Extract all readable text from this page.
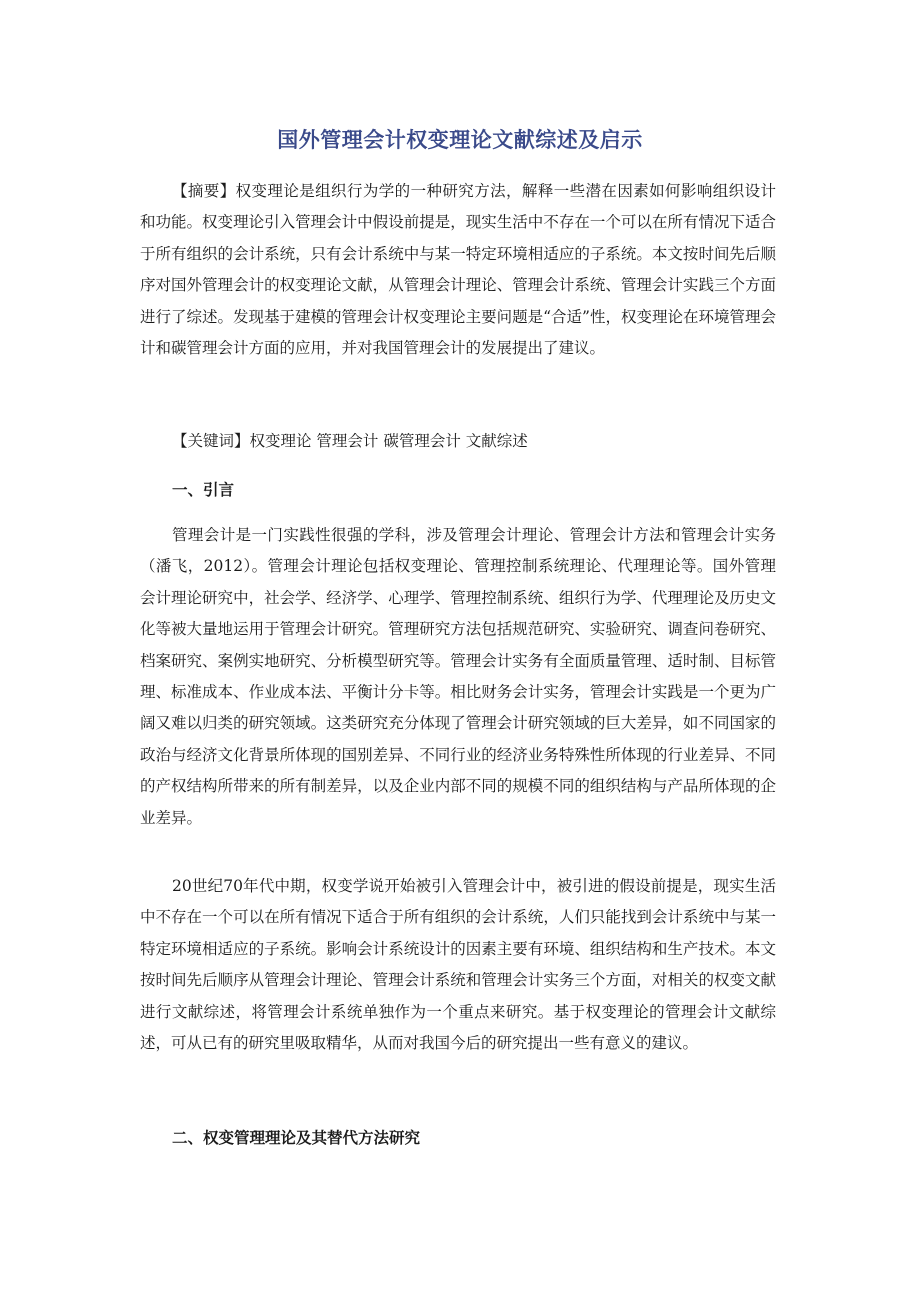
国外管理会计权变理论文献综述及启示

【摘要】权变理论是组织行为学的一种研究方法，解释一些潜在因素如何影响组织设计和功能。权变理论引入管理会计中假设前提是，现实生活中不存在一个可以在所有情况下适合于所有组织的会计系统，只有会计系统中与某一特定环境相适应的子系统。本文按时间先后顺序对国外管理会计的权变理论文献，从管理会计理论、管理会计系统、管理会计实践三个方面进行了综述。发现基于建模的管理会计权变理论主要问题是“合适”性，权变理论在环境管理会计和碳管理会计方面的应用，并对我国管理会计的发展提出了建议。

【关键词】权变理论 管理会计 碳管理会计 文献综述

一、引言

管理会计是一门实践性很强的学科，涉及管理会计理论、管理会计方法和管理会计实务（潘飞，2012）。管理会计理论包括权变理论、管理控制系统理论、代理理论等。国外管理会计理论研究中，社会学、经济学、心理学、管理控制系统、组织行为学、代理理论及历史文化等被大量地运用于管理会计研究。管理研究方法包括规范研究、实验研究、调查问卷研究、档案研究、案例实地研究、分析模型研究等。管理会计实务有全面质量管理、适时制、目标管理、标准成本、作业成本法、平衡计分卡等。相比财务会计实务，管理会计实践是一个更为广阔又难以归类的研究领域。这类研究充分体现了管理会计研究领域的巨大差异，如不同国家的政治与经济文化背景所体现的国别差异、不同行业的经济业务特殊性所体现的行业差异、不同的产权结构所带来的所有制差异，以及企业内部不同的规模不同的组织结构与产品所体现的企业差异。

20世纪70年代中期，权变学说开始被引入管理会计中，被引进的假设前提是，现实生活中不存在一个可以在所有情况下适合于所有组织的会计系统，人们只能找到会计系统中与某一特定环境相适应的子系统。影响会计系统设计的因素主要有环境、组织结构和生产技术。本文按时间先后顺序从管理会计理论、管理会计系统和管理会计实务三个方面，对相关的权变文献进行文献综述，将管理会计系统单独作为一个重点来研究。基于权变理论的管理会计文献综述，可从已有的研究里吸取精华，从而对我国今后的研究提出一些有意义的建议。

二、权变管理理论及其替代方法研究
